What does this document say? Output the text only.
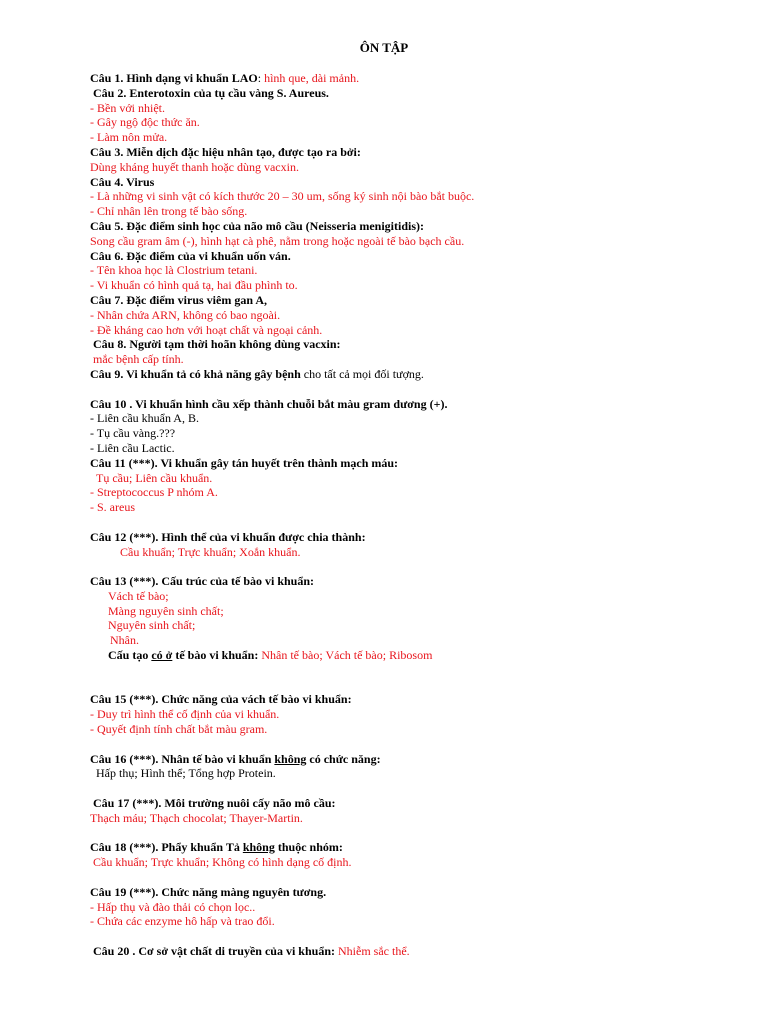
ÔN TẬP
Câu 1. Hình dạng vi khuẩn LAO: hình que, dài mảnh.
Câu 2. Enterotoxin của tụ cầu vàng S. Aureus.
- Bền với nhiệt.
- Gây ngộ độc thức ăn.
- Làm nôn mửa.
Câu 3. Miễn dịch đặc hiệu nhân tạo, được tạo ra bởi:
Dùng kháng huyết thanh hoặc dùng vacxin.
Câu 4. Virus
- Là những vi sinh vật có kích thước 20 – 30 um, sống ký sinh nội bào bắt buộc.
- Chỉ nhân lên trong tế bào sống.
Câu 5. Đặc điểm sinh học của não mô cầu (Neisseria menigitidis):
Song cầu gram âm (-), hình hạt cà phê, nằm trong hoặc ngoài tế bào bạch cầu.
Câu 6. Đặc điểm của vi khuẩn uốn ván.
- Tên khoa học là Clostrium tetani.
- Vi khuẩn có hình quả tạ, hai đầu phình to.
Câu 7. Đặc điểm virus viêm gan A,
- Nhân chứa ARN, không có bao ngoài.
- Đề kháng cao hơn với hoạt chất và ngoại cảnh.
Câu 8. Người tạm thời hoãn không dùng vacxin:
mắc bệnh cấp tính.
Câu 9. Vi khuẩn tả có khả năng gây bệnh cho tất cả mọi đối tượng.
Câu 10 . Vi khuẩn hình cầu xếp thành chuỗi bắt màu gram dương (+).
- Liên cầu khuẩn A, B.
- Tụ cầu vàng.???
- Liên cầu Lactic.
Câu 11 (***). Vi khuẩn gây tán huyết trên thành mạch máu:
Tụ cầu; Liên cầu khuẩn.
- Streptococcus P nhóm A.
- S. areus
Câu 12 (***). Hình thể của vi khuẩn được chia thành:
Cầu khuẩn; Trực khuẩn; Xoắn khuẩn.
Câu 13 (***). Cấu trúc của tế bào vi khuẩn:
Vách tế bào;
Màng nguyên sinh chất;
Nguyên sinh chất;
Nhân.
Cấu tạo có ở tế bào vi khuẩn: Nhân tế bào; Vách tế bào; Ribosom
Câu 15 (***). Chức năng của vách tế bào vi khuẩn:
- Duy trì hình thể cố định của vi khuẩn.
- Quyết định tính chất bắt màu gram.
Câu 16 (***). Nhân tế bào vi khuẩn không có chức năng:
Hấp thụ; Hình thể; Tổng hợp Protein.
Câu 17 (***). Môi trường nuôi cấy não mô cầu:
Thạch máu; Thạch chocolat; Thayer-Martin.
Câu 18 (***). Phẩy khuẩn Tả không thuộc nhóm:
Cầu khuẩn; Trực khuẩn; Không có hình dạng cố định.
Câu 19 (***). Chức năng màng nguyên tương.
- Hấp thụ và đào thải có chọn lọc..
- Chứa các enzyme hô hấp và trao đổi.
Câu 20 . Cơ sở vật chất di truyền của vi khuẩn: Nhiễm sắc thể.
